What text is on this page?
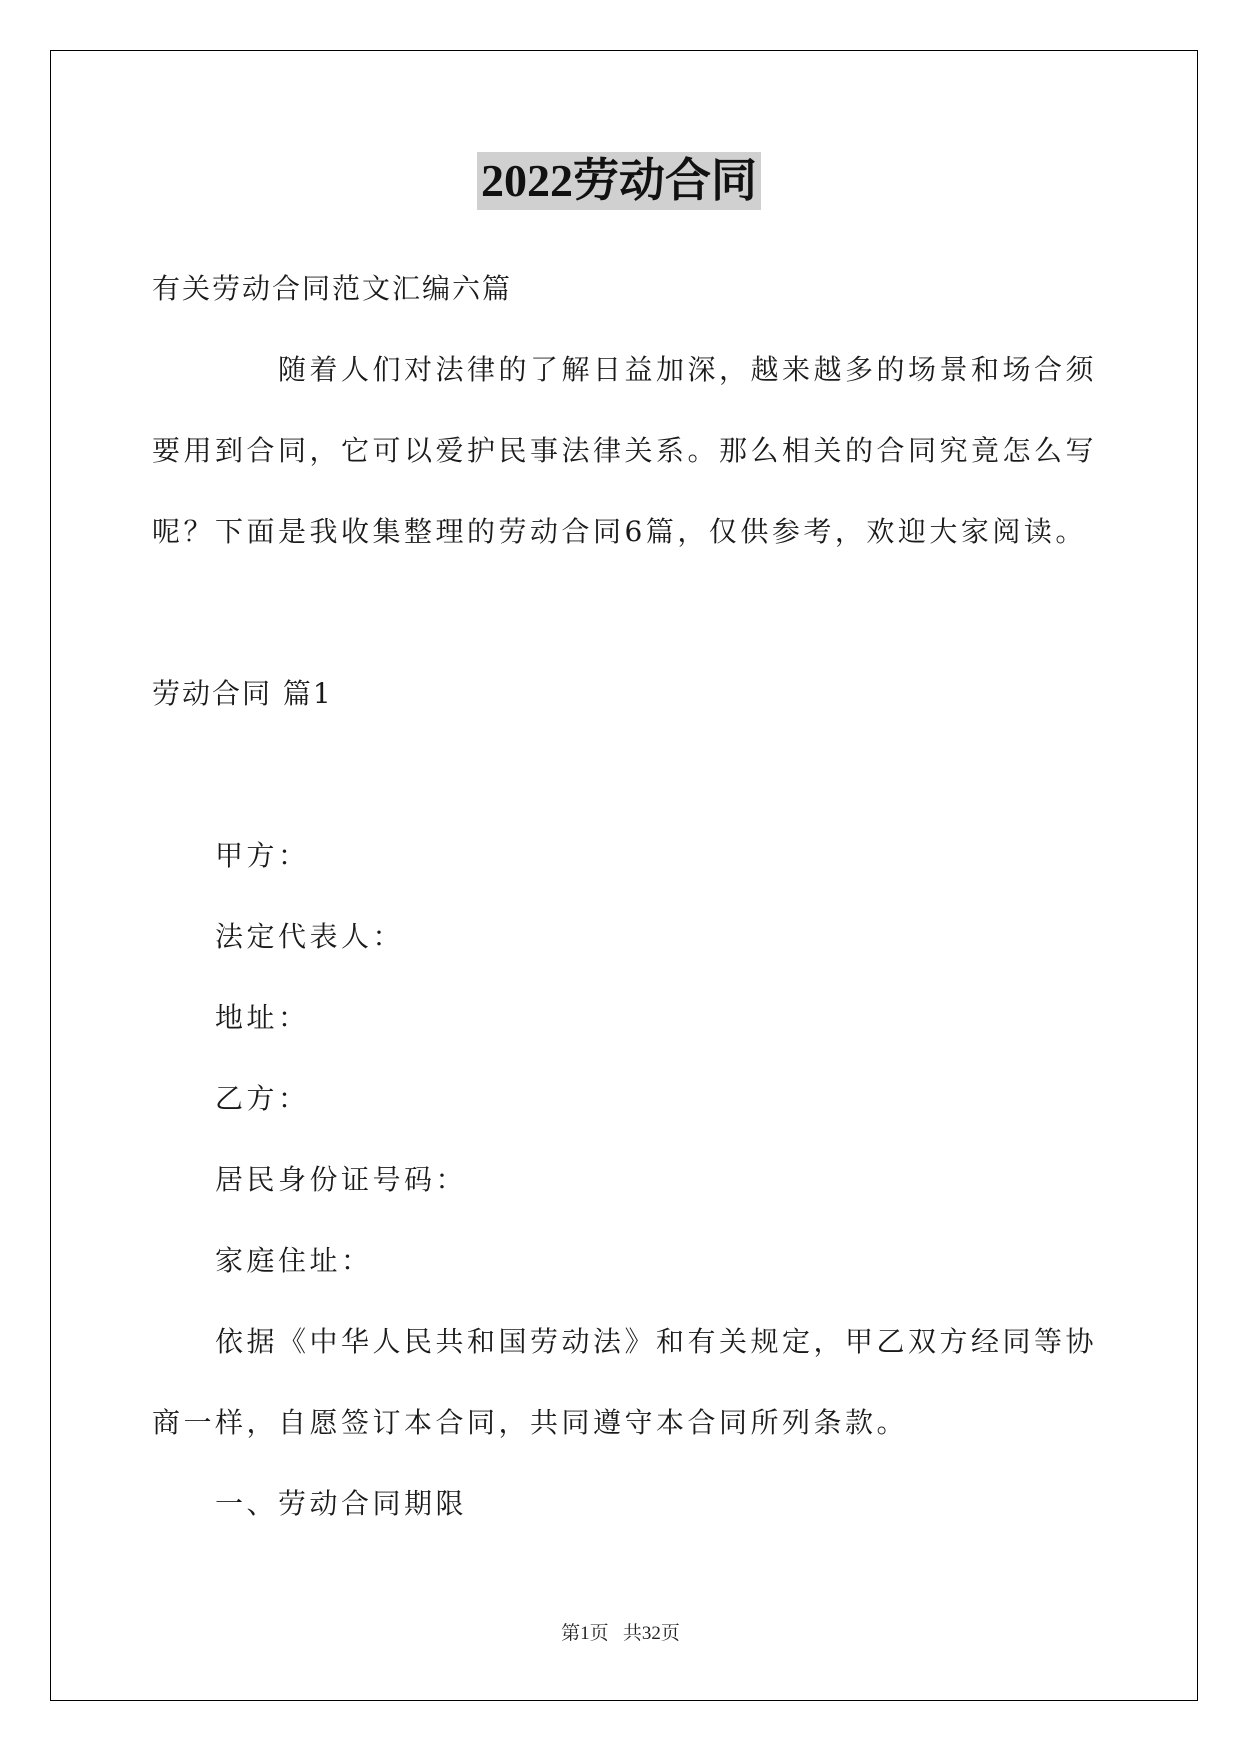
2022劳动合同
有关劳动合同范文汇编六篇
随着人们对法律的了解日益加深，越来越多的场景和场合须
要用到合同，它可以爱护民事法律关系。那么相关的合同究竟怎么写
呢？下面是我收集整理的劳动合同6篇，仅供参考，欢迎大家阅读。
劳动合同 篇1
甲方：
法定代表人：
地址：
乙方：
居民身份证号码：
家庭住址：
依据《中华人民共和国劳动法》和有关规定，甲乙双方经同等协
商一样，自愿签订本合同，共同遵守本合同所列条款。
一、劳动合同期限
第1页   共32页
